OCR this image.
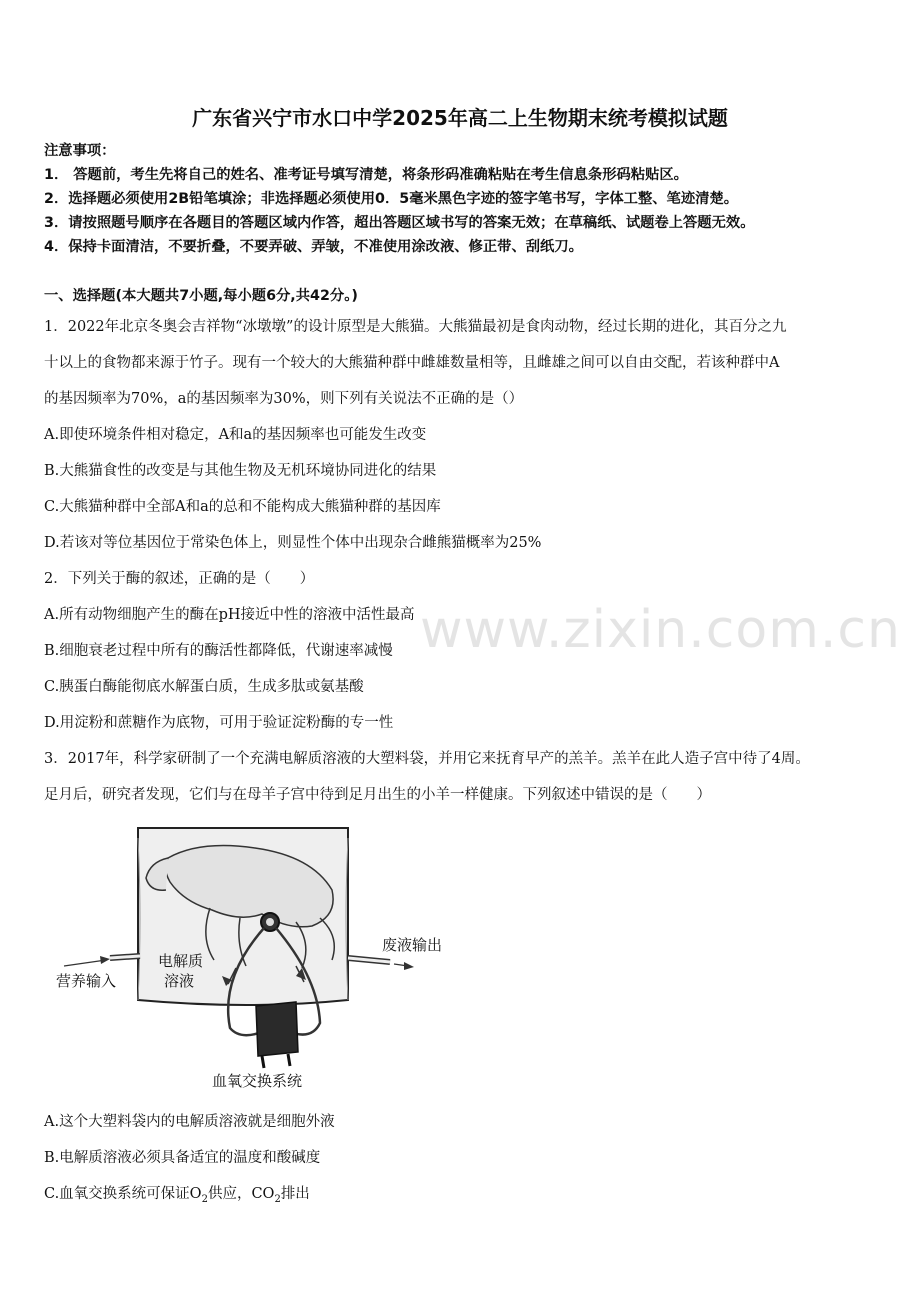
www.zixin.com.cn
广东省兴宁市水口中学2025年高二上生物期末统考模拟试题
注意事项：
1． 答题前，考生先将自己的姓名、准考证号填写清楚，将条形码准确粘贴在考生信息条形码粘贴区。
2．选择题必须使用2B铅笔填涂；非选择题必须使用0．5毫米黑色字迹的签字笔书写，字体工整、笔迹清楚。
3．请按照题号顺序在各题目的答题区域内作答，超出答题区域书写的答案无效；在草稿纸、试题卷上答题无效。
4．保持卡面清洁，不要折叠，不要弄破、弄皱，不准使用涂改液、修正带、刮纸刀。
一、选择题(本大题共7小题,每小题6分,共42分。)
1．2022年北京冬奥会吉祥物“冰墩墩”的设计原型是大熊猫。大熊猫最初是食肉动物，经过长期的进化，其百分之九
十以上的食物都来源于竹子。现有一个较大的大熊猫种群中雌雄数量相等，且雌雄之间可以自由交配，若该种群中A
的基因频率为70%，a的基因频率为30%，则下列有关说法不正确的是（）
A.即使环境条件相对稳定，A和a的基因频率也可能发生改变
B.大熊猫食性的改变是与其他生物及无机环境协同进化的结果
C.大熊猫种群中全部A和a的总和不能构成大熊猫种群的基因库
D.若该对等位基因位于常染色体上，则显性个体中出现杂合雌熊猫概率为25%
2．下列关于酶的叙述，正确的是（　　）
A.所有动物细胞产生的酶在pH接近中性的溶液中活性最高
B.细胞衰老过程中所有的酶活性都降低，代谢速率减慢
C.胰蛋白酶能彻底水解蛋白质，生成多肽或氨基酸
D.用淀粉和蔗糖作为底物，可用于验证淀粉酶的专一性
3．2017年，科学家研制了一个充满电解质溶液的大塑料袋，并用它来抚育早产的羔羊。羔羊在此人造子宫中待了4周。
足月后，研究者发现，它们与在母羊子宫中待到足月出生的小羊一样健康。下列叙述中错误的是（　　）
营养输入
电解质
溶液
废液输出
血氧交换系统
A.这个大塑料袋内的电解质溶液就是细胞外液
B.电解质溶液必须具备适宜的温度和酸碱度
C.血氧交换系统可保证$O_2$供应，$CO_2$排出
